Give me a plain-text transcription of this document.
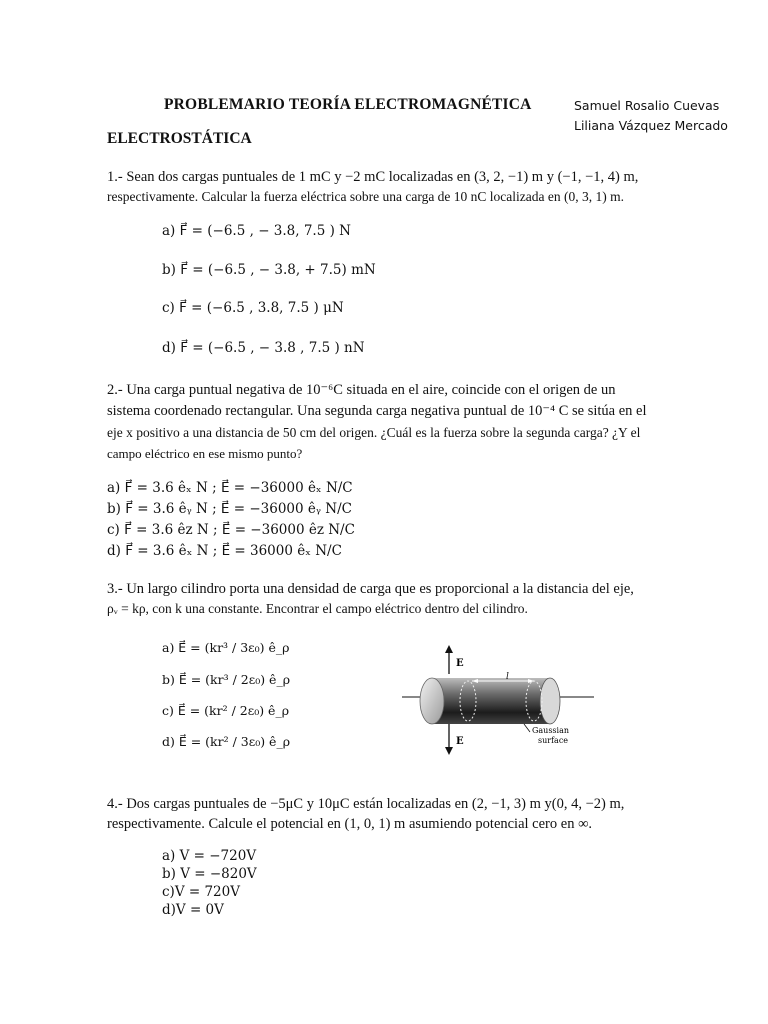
PROBLEMARIO TEORÍA ELECTROMAGNÉTICA	Samuel Rosalio Cuevas
Liliana Vázquez Mercado
ELECTROSTÁTICA
1.- Sean dos cargas puntuales de 1 mC y −2 mC localizadas en (3, 2, −1) m y (−1, −1, 4) m,
respectivamente. Calcular la fuerza eléctrica sobre una carga de 10 nC localizada en (0, 3, 1) m.
a) F⃗ = (−6.5 , − 3.8, 7.5 ) N
b) F⃗ = (−6.5 , − 3.8, + 7.5) mN
c) F⃗ = (−6.5 , 3.8, 7.5 ) μN
d) F⃗ = (−6.5 , − 3.8 , 7.5 ) nN
2.- Una carga puntual negativa de 10⁻⁶C situada en el aire, coincide con el origen de un
sistema coordenado rectangular. Una segunda carga negativa puntual de 10⁻⁴ C se sitúa en el
eje x positivo a una distancia de 50 cm del origen. ¿Cuál es la fuerza sobre la segunda carga? ¿Y el
campo eléctrico en ese mismo punto?
a) F⃗ = 3.6 êₓ N ; E⃗ = −36000 êₓ N/C
b) F⃗ = 3.6 êᵧ N ; E⃗ = −36000 êᵧ N/C
c) F⃗ = 3.6 êz N ; E⃗ = −36000 êz N/C
d) F⃗ = 3.6 êₓ N ; E⃗ = 36000 êₓ N/C
3.- Un largo cilindro porta una densidad de carga que es proporcional a la distancia del eje,
ρᵥ = kρ, con k una constante. Encontrar el campo eléctrico dentro del cilindro.
a) E⃗ = (kr³ / 3ε₀) ê_ρ
b) E⃗ = (kr³ / 2ε₀) ê_ρ
c) E⃗ = (kr² / 2ε₀) ê_ρ
d) E⃗ = (kr² / 3ε₀) ê_ρ
E
E
l
Gaussian
surface
4.- Dos cargas puntuales de −5μC y 10μC están localizadas en (2, −1, 3) m y(0, 4, −2) m,
respectivamente. Calcule el potencial en (1, 0, 1) m asumiendo potencial cero en ∞.
a) V = −720V
b) V = −820V
c)V = 720V
d)V = 0V
